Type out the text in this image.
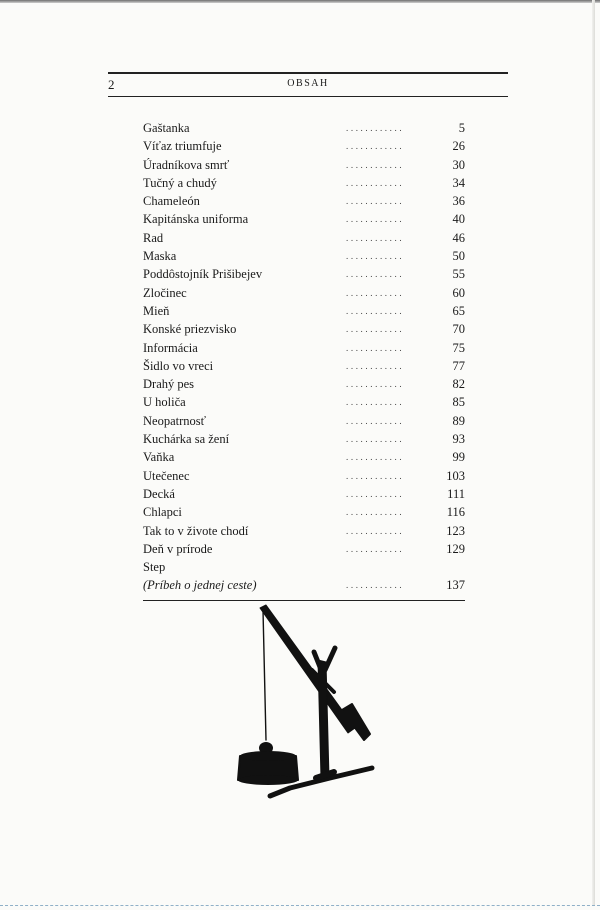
2	OBSAH
Gaštanka	............	5
Víťaz triumfuje	............	26
Úradníkova smrť	............	30
Tučný a chudý	............	34
Chameleón	............	36
Kapitánska uniforma	............	40
Rad	............	46
Maska	............	50
Poddôstojník Prišibejev	............	55
Zločinec	............	60
Mieň	............	65
Konské priezvisko	............	70
Informácia	............	75
Šidlo vo vreci	............	77
Drahý pes	............	82
U holiča	............	85
Neopatrnosť	............	89
Kuchárka sa žení	............	93
Vaňka	............	99
Utečenec	............	103
Decká	............	111
Chlapci	............	116
Tak to v živote chodí	............	123
Deň v prírode	............	129
Step
(Príbeh o jednej ceste)	............	137
